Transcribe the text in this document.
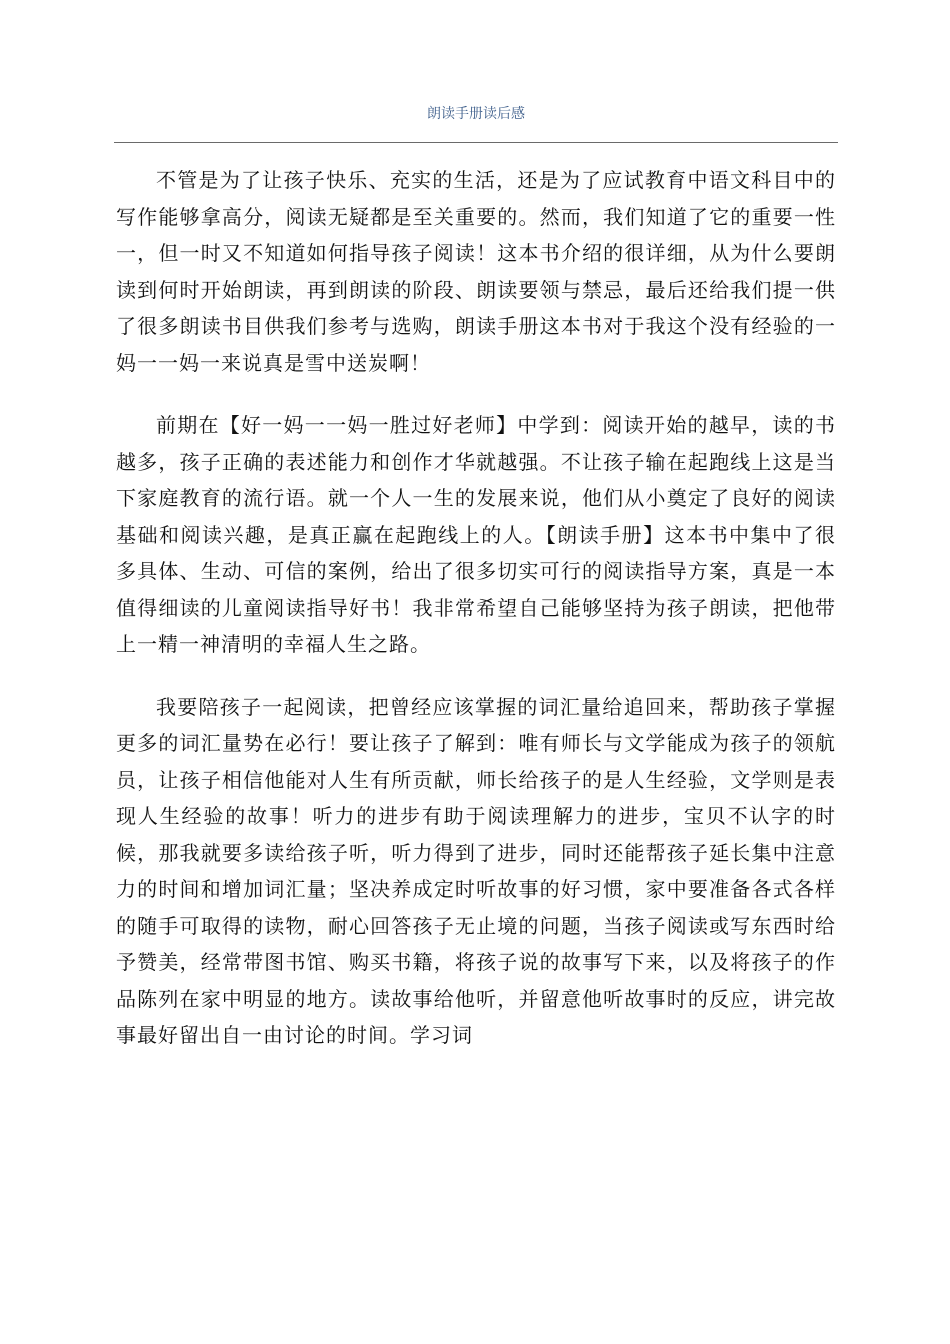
朗读手册读后感

不管是为了让孩子快乐、充实的生活，还是为了应试教育中语文科目中的写作能够拿高分，阅读无疑都是至关重要的。然而，我们知道了它的重要一性一，但一时又不知道如何指导孩子阅读！这本书介绍的很详细，从为什么要朗读到何时开始朗读，再到朗读的阶段、朗读要领与禁忌，最后还给我们提一供了很多朗读书目供我们参考与选购，朗读手册这本书对于我这个没有经验的一妈一一妈一来说真是雪中送炭啊！

前期在【好一妈一一妈一胜过好老师】中学到：阅读开始的越早，读的书越多，孩子正确的表述能力和创作才华就越强。不让孩子输在起跑线上这是当下家庭教育的流行语。就一个人一生的发展来说，他们从小奠定了良好的阅读基础和阅读兴趣，是真正赢在起跑线上的人。【朗读手册】这本书中集中了很多具体、生动、可信的案例，给出了很多切实可行的阅读指导方案，真是一本值得细读的儿童阅读指导好书！我非常希望自己能够坚持为孩子朗读，把他带上一精一神清明的幸福人生之路。

我要陪孩子一起阅读，把曾经应该掌握的词汇量给追回来，帮助孩子掌握更多的词汇量势在必行！要让孩子了解到：唯有师长与文学能成为孩子的领航员，让孩子相信他能对人生有所贡献，师长给孩子的是人生经验，文学则是表现人生经验的故事！听力的进步有助于阅读理解力的进步，宝贝不认字的时候，那我就要多读给孩子听，听力得到了进步，同时还能帮孩子延长集中注意力的时间和增加词汇量；坚决养成定时听故事的好习惯，家中要准备各式各样的随手可取得的读物，耐心回答孩子无止境的问题，当孩子阅读或写东西时给予赞美，经常带图书馆、购买书籍，将孩子说的故事写下来，以及将孩子的作品陈列在家中明显的地方。读故事给他听，并留意他听故事时的反应，讲完故事最好留出自一由讨论的时间。学习词
